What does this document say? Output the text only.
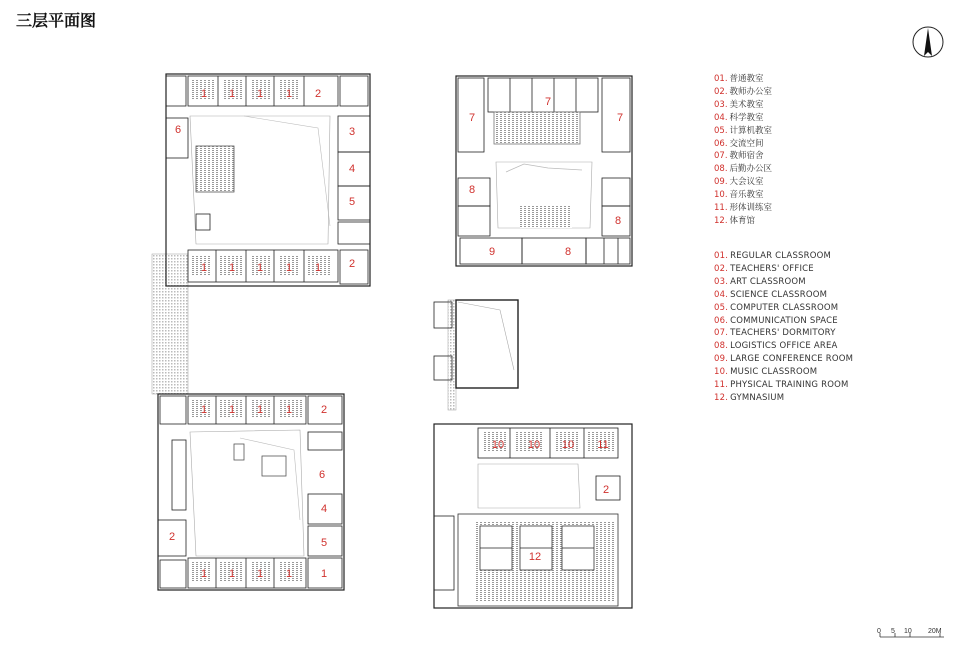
三层平面图
01. 普通教室
02. 教师办公室
03. 美术教室
04. 科学教室
05. 计算机教室
06. 交流空间
07. 教师宿舍
08. 后勤办公区
09. 大会议室
10. 音乐教室
11. 形体训练室
12. 体育馆
01. REGULAR CLASSROOM
02. TEACHERS' OFFICE
03. ART CLASSROOM
04. SCIENCE CLASSROOM
05. COMPUTER CLASSROOM
06. COMMUNICATION SPACE
07. TEACHERS' DORMITORY
08. LOGISTICS OFFICE AREA
09. LARGE CONFERENCE ROOM
10. MUSIC CLASSROOM
11. PHYSICAL TRAINING ROOM
12. GYMNASIUM
1 1 1 1 2
6	3
4
5
1 1 1 1 1	2
1 1 1 1	2
6
4
5
2
1 1 1 1	1
7
7	7
8
8
9	8
10 10 10 11
2
12
0 5 10 20M
